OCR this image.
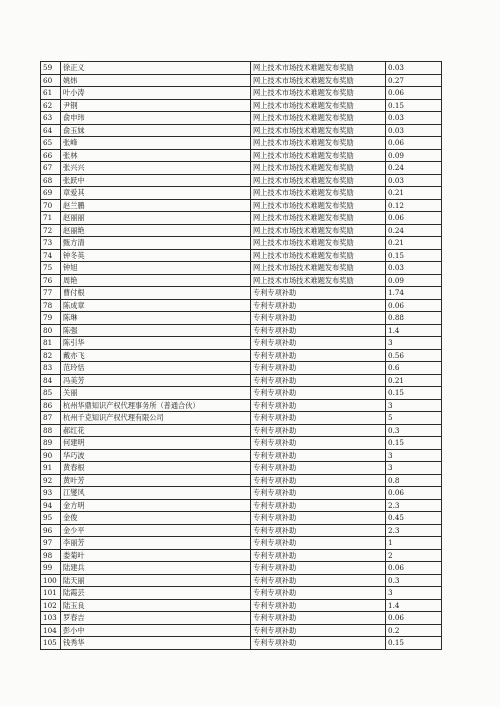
59	徐正义	网上技术市场技术难题发布奖励	0.03
60	姚炜	网上技术市场技术难题发布奖励	0.27
61	叶小涛	网上技术市场技术难题发布奖励	0.06
62	尹钢	网上技术市场技术难题发布奖励	0.15
63	俞申玮	网上技术市场技术难题发布奖励	0.03
64	俞玉妹	网上技术市场技术难题发布奖励	0.03
65	张峰	网上技术市场技术难题发布奖励	0.06
66	张林	网上技术市场技术难题发布奖励	0.09
67	张兴兴	网上技术市场技术难题发布奖励	0.24
68	张跃中	网上技术市场技术难题发布奖励	0.03
69	章爱其	网上技术市场技术难题发布奖励	0.21
70	赵兰鹏	网上技术市场技术难题发布奖励	0.12
71	赵丽丽	网上技术市场技术难题发布奖励	0.06
72	赵丽艳	网上技术市场技术难题发布奖励	0.24
73	甄方清	网上技术市场技术难题发布奖励	0.21
74	钟冬英	网上技术市场技术难题发布奖励	0.15
75	钟旭	网上技术市场技术难题发布奖励	0.03
76	周艳	网上技术市场技术难题发布奖励	0.09
77	曹付根	专利专项补助	1.74
78	陈成章	专利专项补助	0.06
79	陈琳	专利专项补助	0.88
80	陈强	专利专项补助	1.4
81	陈引华	专利专项补助	3
82	戴亦飞	专利专项补助	0.56
83	范玲恬	专利专项补助	0.6
84	冯美芳	专利专项补助	0.21
85	关丽	专利专项补助	0.15
86	杭州华鼎知识产权代理事务所（普通合伙）	专利专项补助	3
87	杭州千克知识产权代理有限公司	专利专项补助	5
88	郝红花	专利专项补助	0.3
89	何建明	专利专项补助	0.15
90	华巧波	专利专项补助	3
91	黄春根	专利专项补助	3
92	黄叶芳	专利专项补助	0.8
93	江燮风	专利专项补助	0.06
94	金方明	专利专项补助	2.3
95	金俊	专利专项补助	0.45
96	金少平	专利专项补助	2.3
97	李丽芳	专利专项补助	1
98	娄菊叶	专利专项补助	2
99	陆建兵	专利专项补助	0.06
100	陆天丽	专利专项补助	0.3
101	陆霞芸	专利专项补助	3
102	陆玉良	专利专项补助	1.4
103	罗春吉	专利专项补助	0.06
104	彭小中	专利专项补助	0.2
105	钱秀华	专利专项补助	0.15
